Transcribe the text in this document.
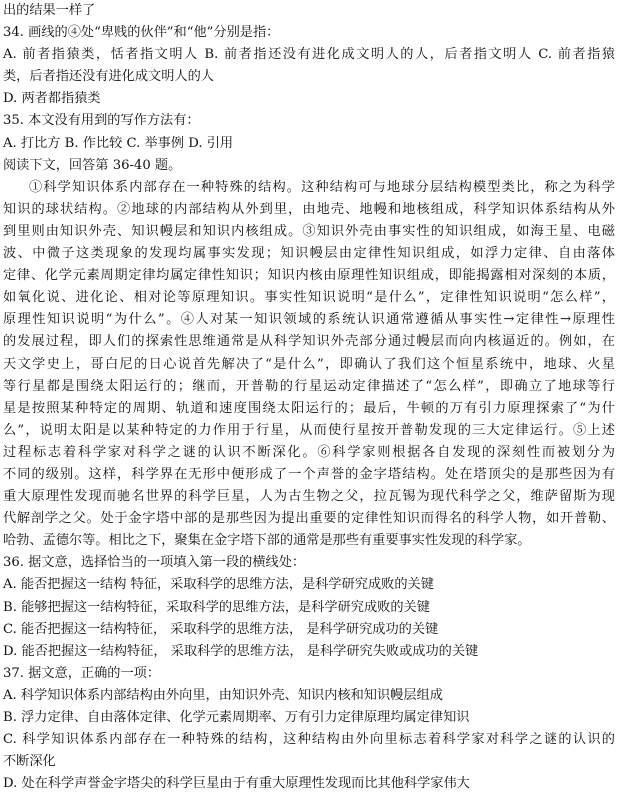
出的结果一样了
34. 画线的④处“卑贱的伙伴”和“他”分别是指：
A. 前者指猿类，恬者指文明人 B. 前者指还没有进化成文明人的人，后者指文明人 C. 前者指猿
类，后者指还没有进化成文明人的人
D. 两者都指猿类
35. 本文没有用到的写作方法有：
A. 打比方 B. 作比较 C. 举事例 D. 引用
阅读下文，回答第 36-40 题。
①科学知识体系内部存在一种特殊的结构。这种结构可与地球分层结构模型类比，称之为科学
知识的球状结构。②地球的内部结构从外到里，由地壳、地幔和地核组成，科学知识体系结构从外
到里则由知识外壳、知识幔层和知识内核组成。③知识外壳由事实性的知识组成，如海王星、电磁
波、中微子这类现象的发现均属事实发现；知识幔层由定律性知识组成，如浮力定律、自由落体
定律、化学元素周期定律均属定律性知识；知识内核由原理性知识组成，即能揭露相对深刻的本质，
如氧化说、进化论、相对论等原理知识。事实性知识说明“是什么”，定律性知识说明“怎么样”，
原理性知识说明“为什么”。④人对某一知识领域的系统认识通常遵循从事实性→定律性→原理性
的发展过程，即人们的探索性思维通常是从科学知识外壳部分通过幔层而向内核逼近的。例如，在
天文学史上，哥白尼的日心说首先解决了“是什么”，即确认了我们这个恒星系统中，地球、火星
等行星都是围绕太阳运行的；继而，开普勒的行星运动定律描述了“怎么样”，即确立了地球等行
星是按照某种特定的周期、轨道和速度围绕太阳运行的；最后，牛顿的万有引力原理探索了“为什
么”，说明太阳是以某种特定的力作用于行星，从而使行星按开普勒发现的三大定律运行。⑤上述
过程标志着科学家对科学之谜的认识不断深化。⑥科学家则根据各自发现的深刻性而被划分为
不同的级别。这样，科学界在无形中便形成了一个声誉的金字塔结构。处在塔顶尖的是那些因为有
重大原理性发现而驰名世界的科学巨星，人为古生物之父，拉瓦锡为现代科学之父，维萨留斯为现
代解剖学之父。处于金字塔中部的是那些因为提出重要的定律性知识而得名的科学人物，如开普勒、
哈勃、孟德尔等。相比之下，聚集在金字塔下部的通常是那些有重要事实性发现的科学家。
36. 据文意，选择恰当的一项填入第一段的横线处：
A. 能否把握这一结构 特征，采取科学的思维方法，是科学研究成败的关键
B. 能够把握这一结构特征，采取科学的思维方法，是科学研究成败的关键
C. 能否把握这一结构特征， 采取科学的思维方法， 是科学研究成功的关键
D. 能否把握这一结构特征， 采取科学的思维方法， 是科学研究失败或成功的关键
37. 据文意，正确的一项：
A. 科学知识体系内部结构由外向里，由知识外壳、知识内核和知识幔层组成
B. 浮力定律、自由落体定律、化学元素周期率、万有引力定律原理均属定律知识
C. 科学知识体系内部存在一种特殊的结构，这种结构由外向里标志着科学家对科学之谜的认识的
不断深化
D. 处在科学声誉金字塔尖的科学巨星由于有重大原理性发现而比其他科学家伟大
